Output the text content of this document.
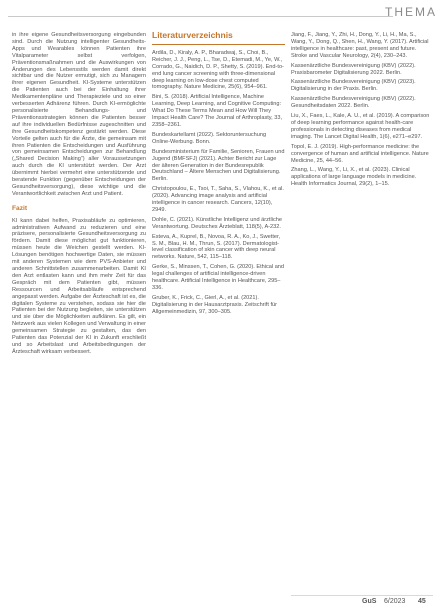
THEMA

in ihre eigene Gesundheitsversorgung eingebunden sind. Durch die Nutzung intelligenter Gesundheits-Apps und Wearables können Patienten ihre Vitalparameter selbst verfolgen, Präventionsmaßnahmen und die Auswirkungen von Änderungen des Lebensstils werden damit direkt sichtbar und die Nutzer ermutigt, sich zu Managern ihrer eigenen Gesundheit. KI-Systeme unterstützen die Patienten auch bei der Einhaltung ihrer Medikamentenpläne und Therapieziele und so einer verbesserten Adhärenz führen. Durch KI-ermöglichte personalisierte Behandlungs- und Präventionsstrategien können die Patienten besser auf ihre individuellen Bedürfnisse zugeschnitten und ihre Gesundheitskompetenz gestärkt werden. Diese Vorteile gelten auch für die Ärzte, die gemeinsam mit ihren Patienten die Entscheidungen und Ausführung von gemeinsamen Entscheidungen zur Behandlung („Shared Decision Making“) aller Voraussetzungen auch durch die KI unterstützt werden. Der Arzt übernimmt hierbei vermehrt eine unterstützende und beratende Funktion (gegenüber Entscheidungen der Gesundheitsversorgung), diese wichtige und die Verantwortlichkeit zwischen Arzt und Patient.

Fazit

KI kann dabei helfen, Praxisabläufe zu optimieren, administrativen Aufwand zu reduzieren und eine präzisere, personalisierte Gesundheitsversorgung zu fördern. Damit diese möglichst gut funktionieren, müssen heute die Weichen gestellt werden. KI-Lösungen benötigen hochwertige Daten, sie müssen mit anderen Systemen wie dem PVS-Anbieter und anderen Schnittstellen zusammenarbeiten. Damit KI den Arzt entlasten kann und ihm mehr Zeit für das Gespräch mit dem Patienten gibt, müssen Ressourcen und Arbeitsabläufe entsprechend angepasst werden. Aufgabe der Ärzteschaft ist es, die digitalen Systeme zu verstehen, sodass sie hier die Patienten bei der Nutzung begleiten, sie unterstützen und sie über die Möglichkeiten aufklären. Es gilt, ein Netzwerk aus vielen Kollegen und Verwaltung in einer gemeinsamen Strategie zu gestalten, das den Patienten das Potenzial der KI in Zukunft erschließt und so Arbeitslast und Arbeitsbedingungen der Ärzteschaft wirksam verbessert.

Literaturverzeichnis

Ardila, D., Kiraly, A. P., Bharadwaj, S., Choi, B., Reicher, J. J., Peng, L., Tse, D., Etemadi, M., Ye, W., Corrado, G., Naidich, D. P., Shetty, S. (2019). End-to-end lung cancer screening with three-dimensional deep learning on low-dose chest computed tomography. Nature Medicine, 25(6), 954–961.

Bini, S. (2018). Artificial Intelligence, Machine Learning, Deep Learning, and Cognitive Computing: What Do These Terms Mean and How Will They Impact Health Care? The Journal of Arthroplasty, 33, 2358–2361.

Bundeskartellamt (2022). Sektoruntersuchung Online-Werbung. Bonn.

Bundesministerium für Familie, Senioren, Frauen und Jugend (BMFSFJ) (2021). Achter Bericht zur Lage der älteren Generation in der Bundesrepublik Deutschland – Ältere Menschen und Digitalisierung. Berlin.

Christopoulou, E., Tsoi, T., Saha, S., Vlahou, K., et al. (2020). Advancing image analysis and artificial intelligence in cancer research. Cancers, 12(10), 2949.

Dohle, C. (2021). Künstliche Intelligenz und ärztliche Verantwortung. Deutsches Ärzteblatt, 118(5), A-232.

Esteva, A., Kuprel, B., Novoa, R. A., Ko, J., Swetter, S. M., Blau, H. M., Thrun, S. (2017). Dermatologist-level classification of skin cancer with deep neural networks. Nature, 542, 115–118.

Gerke, S., Minssen, T., Cohen, G. (2020). Ethical and legal challenges of artificial intelligence-driven healthcare. Artificial Intelligence in Healthcare, 295–336.

Gruber, K., Frick, C., Gierl, A., et al. (2021). Digitalisierung in der Hausarztpraxis. Zeitschrift für Allgemeinmedizin, 97, 300–305.

Jiang, F., Jiang, Y., Zhi, H., Dong, Y., Li, H., Ma, S., Wang, Y., Dong, Q., Shen, H., Wang, Y. (2017). Artificial intelligence in healthcare: past, present and future. Stroke and Vascular Neurology, 2(4), 230–243.

Kassenärztliche Bundesvereinigung (KBV) (2022). Praxisbarometer Digitalisierung 2022. Berlin.

Kassenärztliche Bundesvereinigung (KBV) (2023). Digitalisierung in der Praxis. Berlin.

Kassenärztliche Bundesvereinigung (KBV) (2022). Gesundheitsdaten 2022. Berlin.

Liu, X., Faes, L., Kale, A. U., et al. (2019). A comparison of deep learning performance against health-care professionals in detecting diseases from medical imaging. The Lancet Digital Health, 1(6), e271–e297.

Topol, E. J. (2019). High-performance medicine: the convergence of human and artificial intelligence. Nature Medicine, 25, 44–56.

Zhang, L., Wang, Y., Li, X., et al. (2023). Clinical applications of large language models in medicine. Health Informatics Journal, 29(2), 1–15.

GuS 6/2023 45
